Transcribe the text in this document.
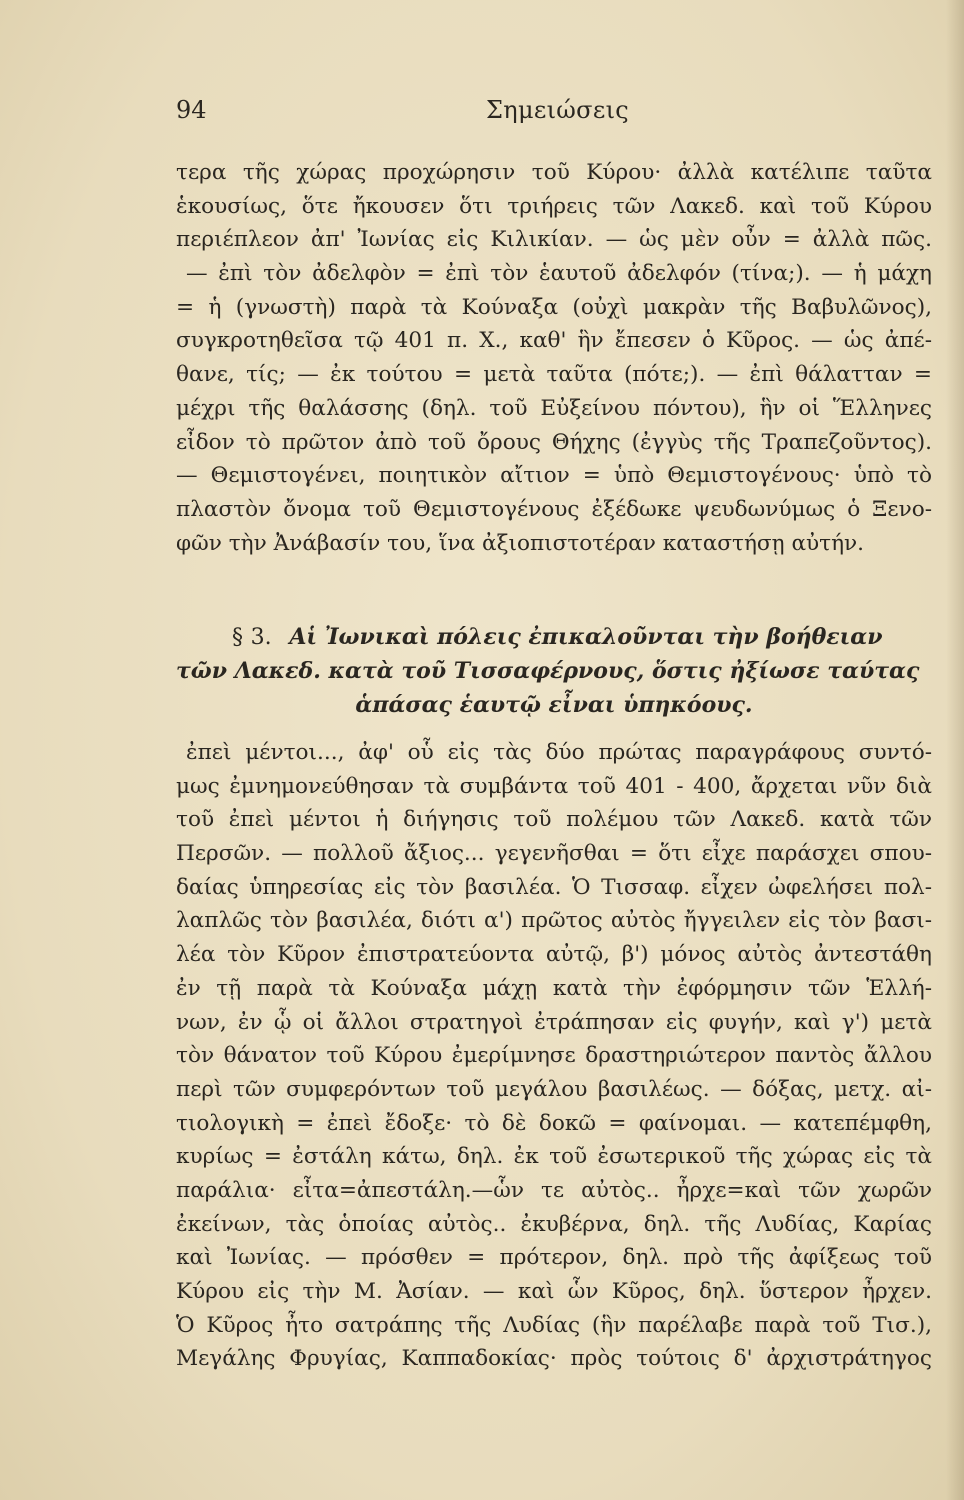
94	Σημειώσεις
τερα τῆς χώρας προχώρησιν τοῦ Κύρου· ἀλλὰ κατέλιπε ταῦτα
ἑκουσίως, ὅτε ἤκουσεν ὅτι τριήρεις τῶν Λακεδ. καὶ τοῦ Κύρου
περιέπλεον ἀπ' Ἰωνίας εἰς Κιλικίαν. — ὡς μὲν οὖν = ἀλλὰ πῶς.
— ἐπὶ τὸν ἀδελφὸν = ἐπὶ τὸν ἑαυτοῦ ἀδελφόν (τίνα;). — ἡ μάχη
= ἡ (γνωστὴ) παρὰ τὰ Κούναξα (οὐχὶ μακρὰν τῆς Βαβυλῶνος),
συγκροτηθεῖσα τῷ 401 π. Χ., καθ' ἣν ἔπεσεν ὁ Κῦρος. — ὡς ἀπέ-
θανε, τίς; — ἐκ τούτου = μετὰ ταῦτα (πότε;). — ἐπὶ θάλατταν =
μέχρι τῆς θαλάσσης (δηλ. τοῦ Εὐξείνου πόντου), ἣν οἱ Ἕλληνες
εἶδον τὸ πρῶτον ἀπὸ τοῦ ὄρους Θήχης (ἐγγὺς τῆς Τραπεζοῦντος).
— Θεμιστογένει, ποιητικὸν αἴτιον = ὑπὸ Θεμιστογένους· ὑπὸ τὸ
πλαστὸν ὄνομα τοῦ Θεμιστογένους ἐξέδωκε ψευδωνύμως ὁ Ξενο-
φῶν τὴν Ἀνάβασίν του, ἵνα ἀξιοπιστοτέραν καταστήσῃ αὐτήν.
§ 3. Αἱ Ἰωνικαὶ πόλεις ἐπικαλοῦνται τὴν βοήθειαν
τῶν Λακεδ. κατὰ τοῦ Τισσαφέρνους, ὅστις ἠξίωσε ταύτας
ἁπάσας ἑαυτῷ εἶναι ὑπηκόους.
ἐπεὶ μέντοι..., ἀφ' οὗ εἰς τὰς δύο πρώτας παραγράφους συντό-
μως ἐμνημονεύθησαν τὰ συμβάντα τοῦ 401 - 400, ἄρχεται νῦν διὰ
τοῦ ἐπεὶ μέντοι ἡ διήγησις τοῦ πολέμου τῶν Λακεδ. κατὰ τῶν
Περσῶν. — πολλοῦ ἄξιος... γεγενῆσθαι = ὅτι εἶχε παράσχει σπου-
δαίας ὑπηρεσίας εἰς τὸν βασιλέα. Ὁ Τισσαφ. εἶχεν ὠφελήσει πολ-
λαπλῶς τὸν βασιλέα, διότι α') πρῶτος αὐτὸς ἤγγειλεν εἰς τὸν βασι-
λέα τὸν Κῦρον ἐπιστρατεύοντα αὐτῷ, β') μόνος αὐτὸς ἀντεστάθη
ἐν τῇ παρὰ τὰ Κούναξα μάχῃ κατὰ τὴν ἐφόρμησιν τῶν Ἑλλή-
νων, ἐν ᾧ οἱ ἄλλοι στρατηγοὶ ἐτράπησαν εἰς φυγήν, καὶ γ') μετὰ
τὸν θάνατον τοῦ Κύρου ἐμερίμνησε δραστηριώτερον παντὸς ἄλλου
περὶ τῶν συμφερόντων τοῦ μεγάλου βασιλέως. — δόξας, μετχ. αἰ-
τιολογικὴ = ἐπεὶ ἔδοξε· τὸ δὲ δοκῶ = φαίνομαι. — κατεπέμφθη,
κυρίως = ἐστάλη κάτω, δηλ. ἐκ τοῦ ἐσωτερικοῦ τῆς χώρας εἰς τὰ
παράλια· εἶτα=ἀπεστάλη.—ὧν τε αὐτὸς.. ἦρχε=καὶ τῶν χωρῶν
ἐκείνων, τὰς ὁποίας αὐτὸς.. ἐκυβέρνα, δηλ. τῆς Λυδίας, Καρίας
καὶ Ἰωνίας. — πρόσθεν = πρότερον, δηλ. πρὸ τῆς ἀφίξεως τοῦ
Κύρου εἰς τὴν Μ. Ἀσίαν. — καὶ ὧν Κῦρος, δηλ. ὕστερον ἦρχεν.
Ὁ Κῦρος ἦτο σατράπης τῆς Λυδίας (ἣν παρέλαβε παρὰ τοῦ Τισ.),
Μεγάλης Φρυγίας, Καππαδοκίας· πρὸς τούτοις δ' ἀρχιστράτηγος
